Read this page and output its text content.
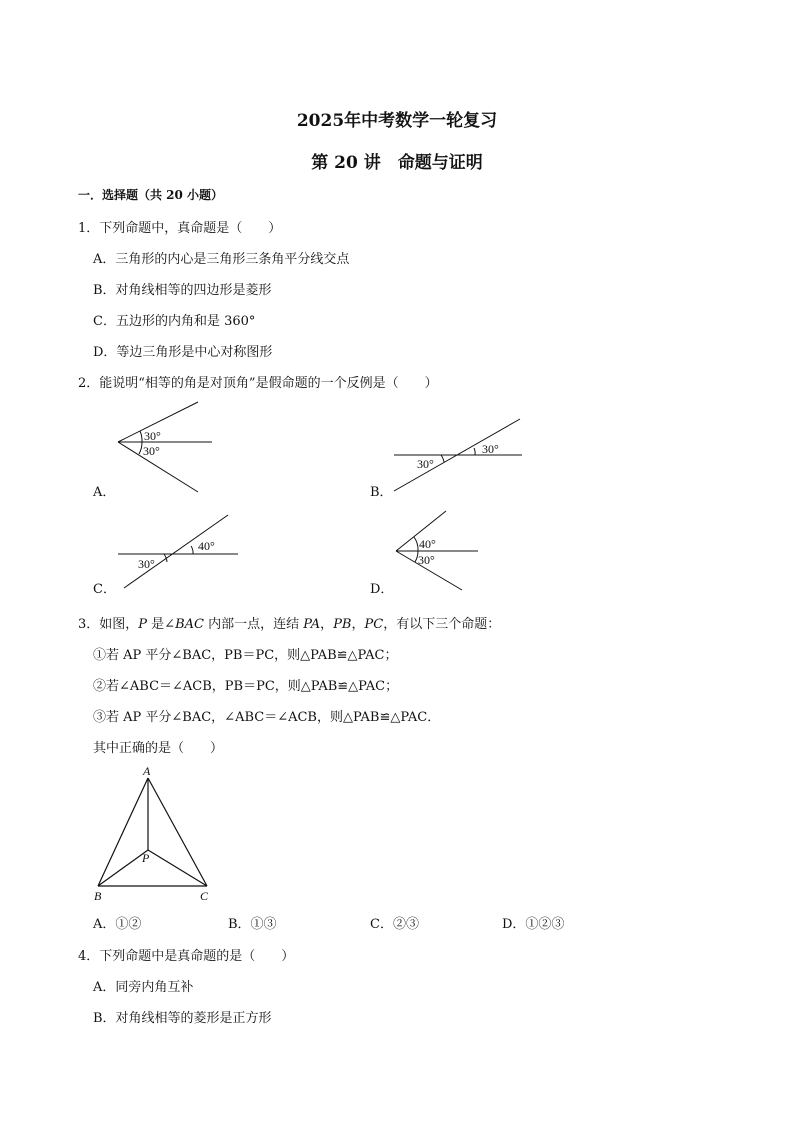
2025年中考数学一轮复习
第 20 讲　命题与证明
一．选择题（共 20 小题）
1．下列命题中，真命题是（　　）
A．三角形的内心是三角形三条角平分线交点
B．对角线相等的四边形是菱形
C．五边形的内角和是 360°
D．等边三角形是中心对称图形
2．能说明“相等的角是对顶角”是假命题的一个反例是（　　）
30°
30°
A．
30°
30°
B．
30°
40°
C．
40°
30°
D．
3．如图，P 是∠BAC 内部一点，连结 PA，PB，PC，有以下三个命题：
①若 AP 平分∠BAC，PB＝PC，则△PAB≌△PAC；
②若∠ABC＝∠ACB，PB＝PC，则△PAB≌△PAC；
③若 AP 平分∠BAC，∠ABC＝∠ACB，则△PAB≌△PAC．
其中正确的是（　　）
A
B	C
P
A．①②	B．①③	C．②③	D．①②③
4．下列命题中是真命题的是（　　）
A．同旁内角互补
B．对角线相等的菱形是正方形
